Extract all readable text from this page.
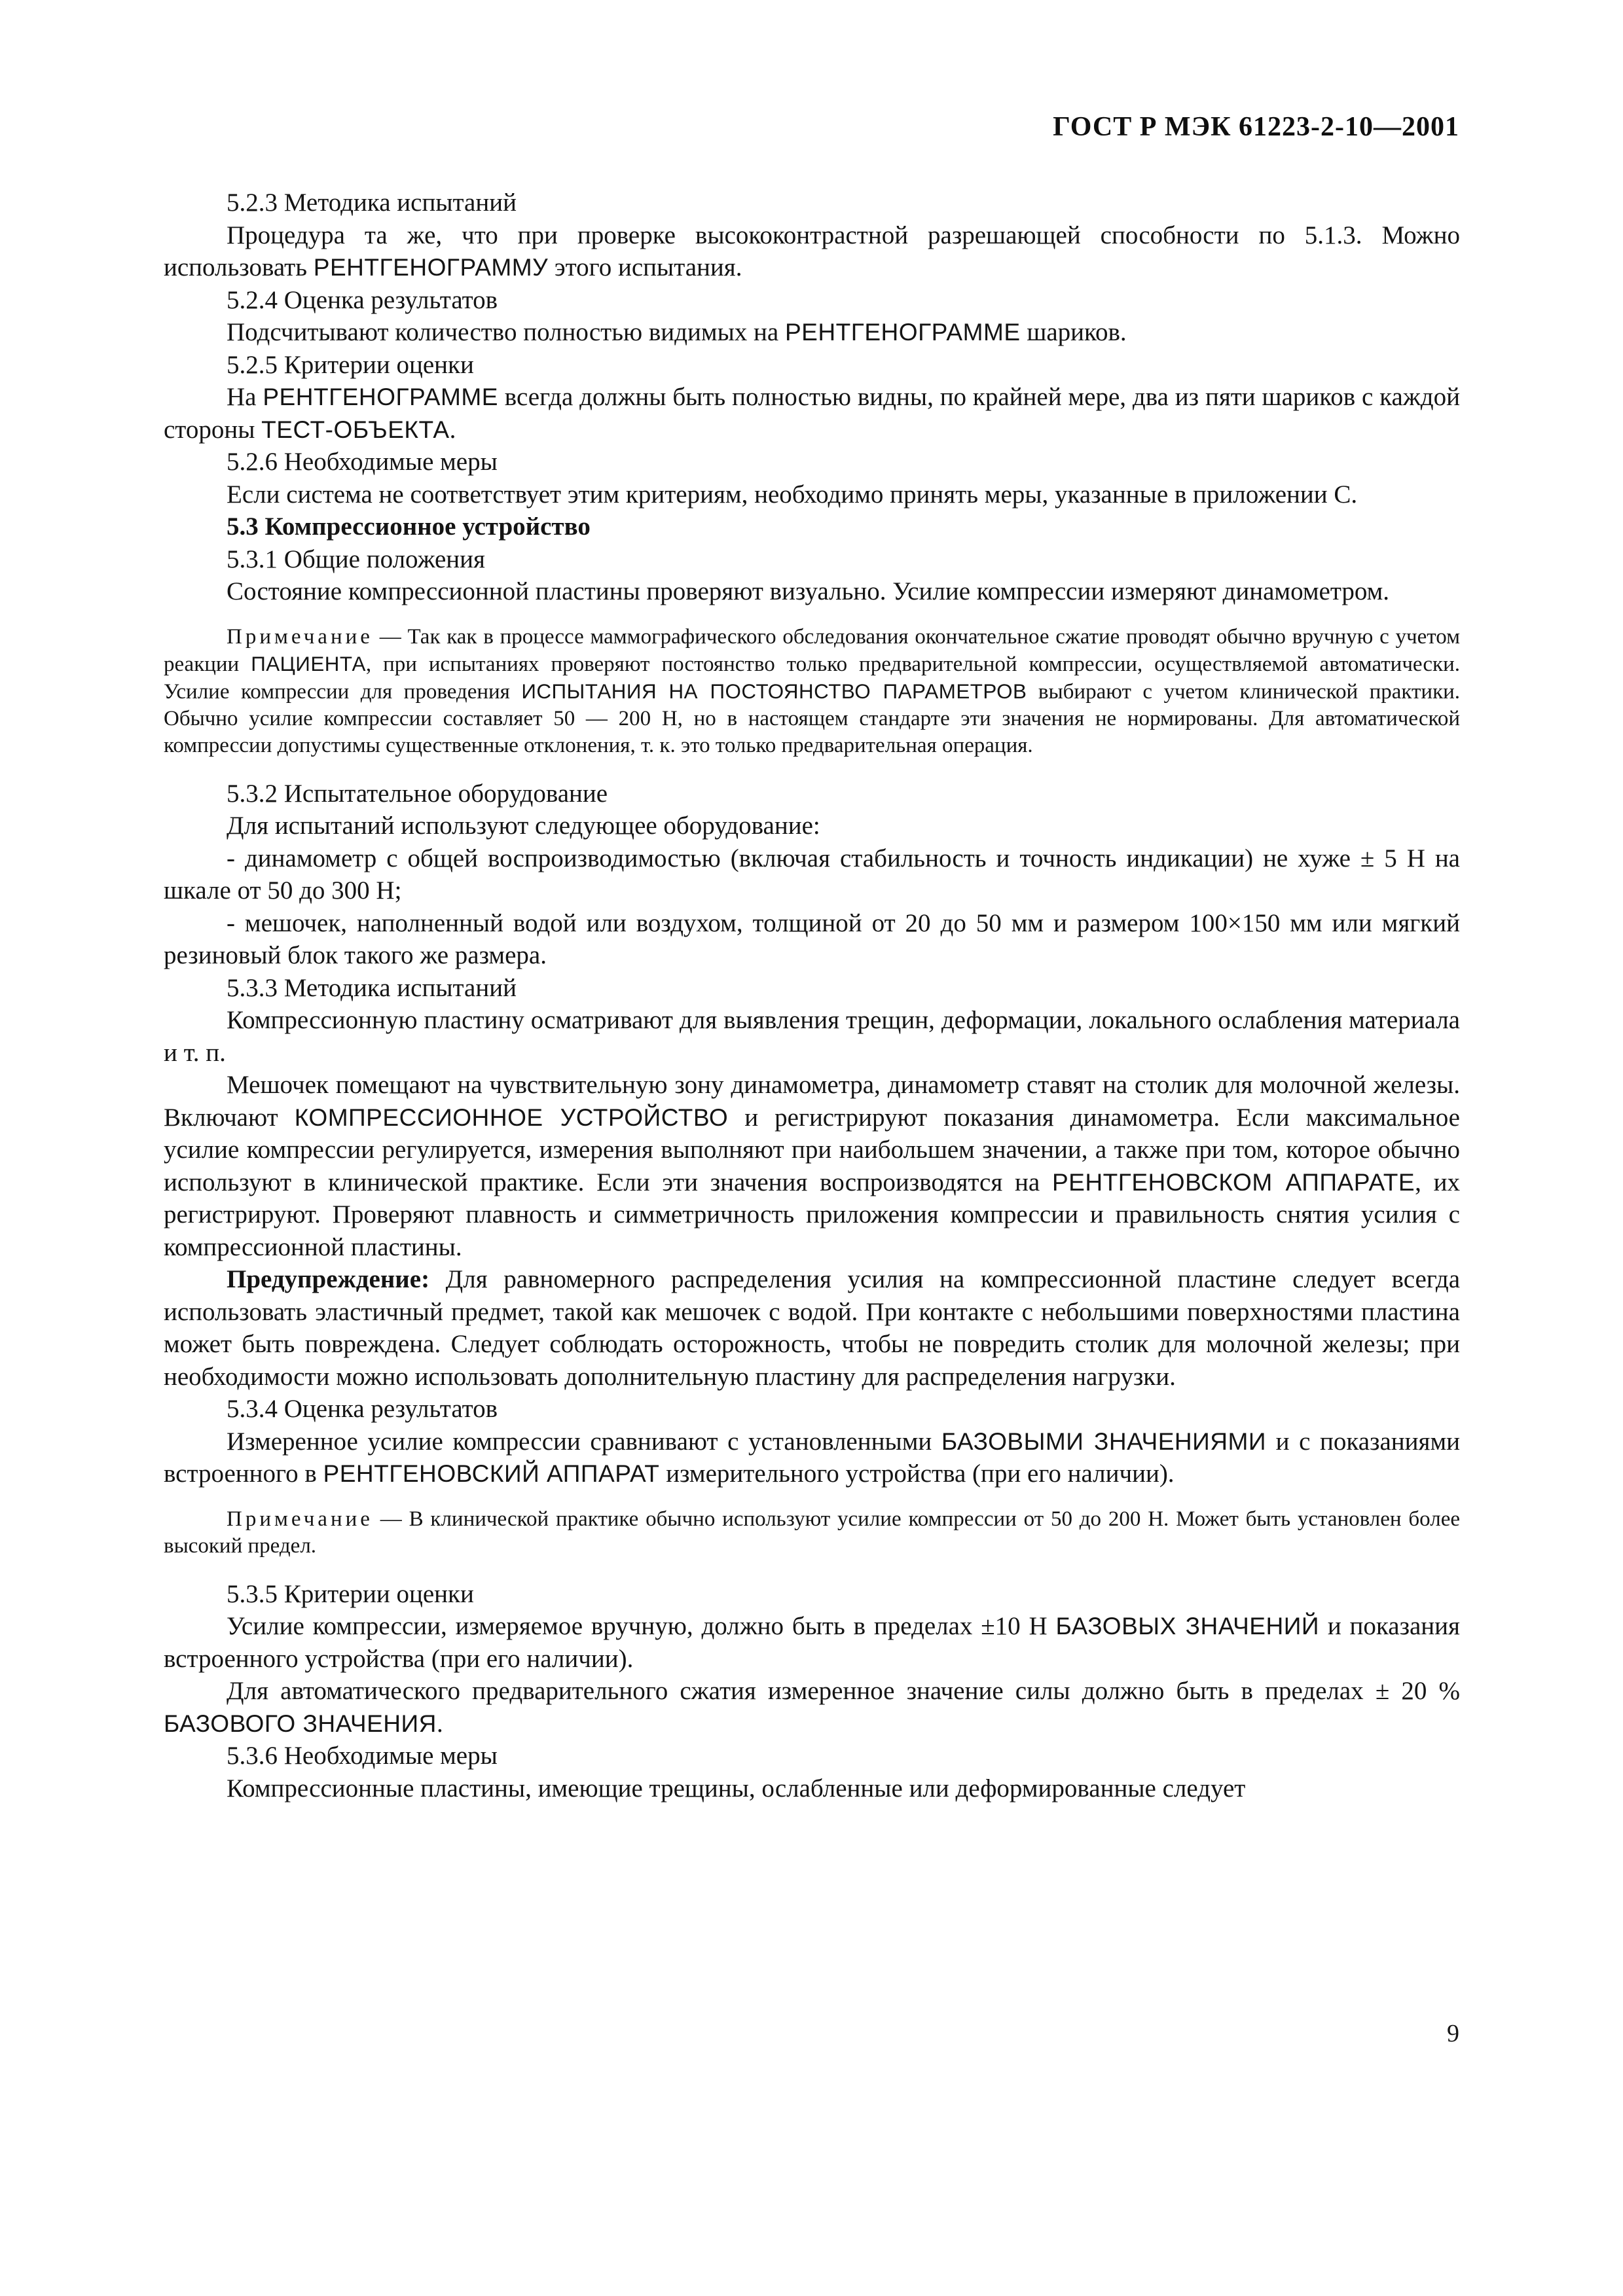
ГОСТ Р МЭК 61223-2-10—2001

5.2.3 Методика испытаний

Процедура та же, что при проверке высококонтрастной разрешающей способности по 5.1.3. Можно использовать РЕНТГЕНОГРАММУ этого испытания.

5.2.4 Оценка результатов

Подсчитывают количество полностью видимых на РЕНТГЕНОГРАММЕ шариков.

5.2.5 Критерии оценки

На РЕНТГЕНОГРАММЕ всегда должны быть полностью видны, по крайней мере, два из пяти шариков с каждой стороны ТЕСТ-ОБЪЕКТА.

5.2.6 Необходимые меры

Если система не соответствует этим критериям, необходимо принять меры, указанные в приложении С.

5.3 Компрессионное устройство

5.3.1 Общие положения

Состояние компрессионной пластины проверяют визуально. Усилие компрессии измеряют динамометром.

Примечание — Так как в процессе маммографического обследования окончательное сжатие проводят обычно вручную с учетом реакции ПАЦИЕНТА, при испытаниях проверяют постоянство только предварительной компрессии, осуществляемой автоматически. Усилие компрессии для проведения ИСПЫТАНИЯ НА ПОСТОЯНСТВО ПАРАМЕТРОВ выбирают с учетом клинической практики. Обычно усилие компрессии составляет 50 — 200 Н, но в настоящем стандарте эти значения не нормированы. Для автоматической компрессии допустимы существенные отклонения, т. к. это только предварительная операция.

5.3.2 Испытательное оборудование

Для испытаний используют следующее оборудование:

- динамометр с общей воспроизводимостью (включая стабильность и точность индикации) не хуже ± 5 Н на шкале от 50 до 300 Н;

- мешочек, наполненный водой или воздухом, толщиной от 20 до 50 мм и размером 100×150 мм или мягкий резиновый блок такого же размера.

5.3.3 Методика испытаний

Компрессионную пластину осматривают для выявления трещин, деформации, локального ослабления материала и т. п.

Мешочек помещают на чувствительную зону динамометра, динамометр ставят на столик для молочной железы. Включают КОМПРЕССИОННОЕ УСТРОЙСТВО и регистрируют показания динамометра. Если максимальное усилие компрессии регулируется, измерения выполняют при наибольшем значении, а также при том, которое обычно используют в клинической практике. Если эти значения воспроизводятся на РЕНТГЕНОВСКОМ АППАРАТЕ, их регистрируют. Проверяют плавность и симметричность приложения компрессии и правильность снятия усилия с компрессионной пластины.

Предупреждение: Для равномерного распределения усилия на компрессионной пластине следует всегда использовать эластичный предмет, такой как мешочек с водой. При контакте с небольшими поверхностями пластина может быть повреждена. Следует соблюдать осторожность, чтобы не повредить столик для молочной железы; при необходимости можно использовать дополнительную пластину для распределения нагрузки.

5.3.4 Оценка результатов

Измеренное усилие компрессии сравнивают с установленными БАЗОВЫМИ ЗНАЧЕНИЯМИ и с показаниями встроенного в РЕНТГЕНОВСКИЙ АППАРАТ измерительного устройства (при его наличии).

Примечание — В клинической практике обычно используют усилие компрессии от 50 до 200 Н. Может быть установлен более высокий предел.

5.3.5 Критерии оценки

Усилие компрессии, измеряемое вручную, должно быть в пределах ±10 Н БАЗОВЫХ ЗНАЧЕНИЙ и показания встроенного устройства (при его наличии).

Для автоматического предварительного сжатия измеренное значение силы должно быть в пределах ± 20 % БАЗОВОГО ЗНАЧЕНИЯ.

5.3.6 Необходимые меры

Компрессионные пластины, имеющие трещины, ослабленные или деформированные следует

9
